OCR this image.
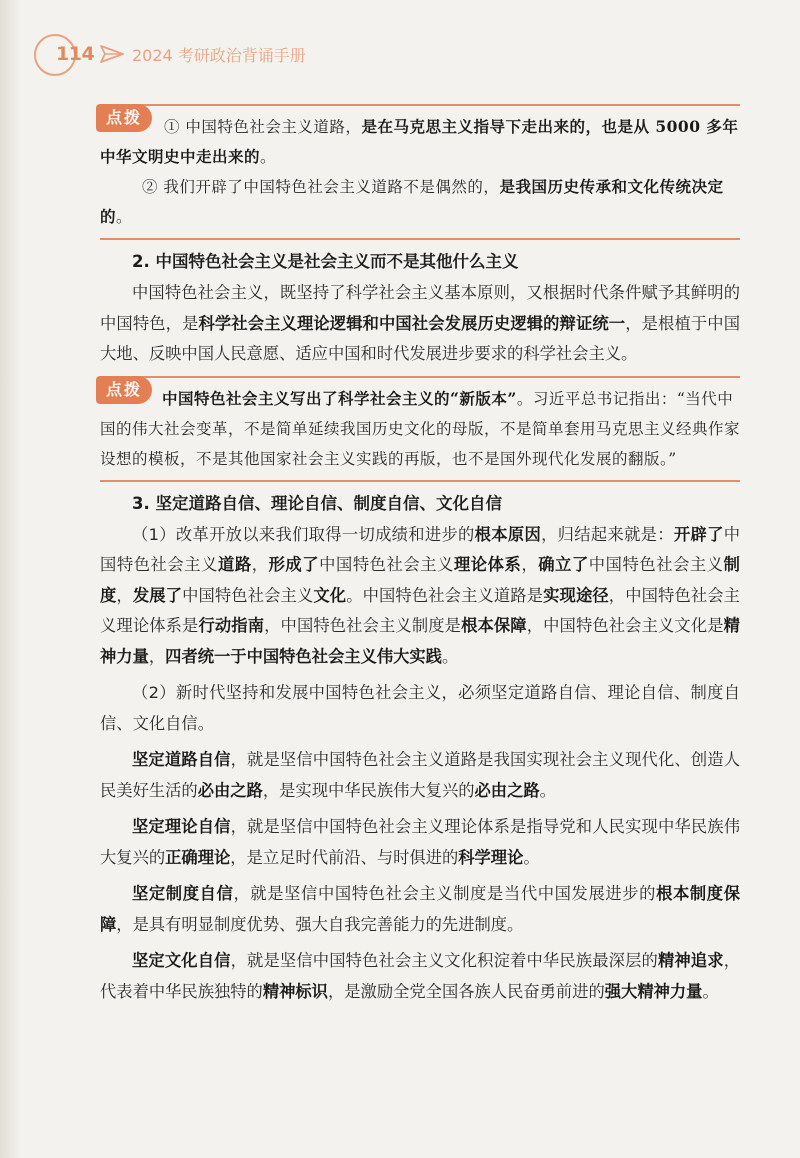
114 2024 考研政治背诵手册
点拨	① 中国特色社会主义道路，是在马克思主义指导下走出来的，也是从 5000 多年中华文明史中走出来的。

② 我们开辟了中国特色社会主义道路不是偶然的，是我国历史传承和文化传统决定的。

2. 中国特色社会主义是社会主义而不是其他什么主义

中国特色社会主义，既坚持了科学社会主义基本原则，又根据时代条件赋予其鲜明的中国特色，是科学社会主义理论逻辑和中国社会发展历史逻辑的辩证统一，是根植于中国大地、反映中国人民意愿、适应中国和时代发展进步要求的科学社会主义。

点拨	中国特色社会主义写出了科学社会主义的“新版本”。习近平总书记指出：“当代中国的伟大社会变革，不是简单延续我国历史文化的母版，不是简单套用马克思主义经典作家设想的模板，不是其他国家社会主义实践的再版，也不是国外现代化发展的翻版。”

3. 坚定道路自信、理论自信、制度自信、文化自信

（1）改革开放以来我们取得一切成绩和进步的根本原因，归结起来就是：开辟了中国特色社会主义道路，形成了中国特色社会主义理论体系，确立了中国特色社会主义制度，发展了中国特色社会主义文化。中国特色社会主义道路是实现途径，中国特色社会主义理论体系是行动指南，中国特色社会主义制度是根本保障，中国特色社会主义文化是精神力量，四者统一于中国特色社会主义伟大实践。

（2）新时代坚持和发展中国特色社会主义，必须坚定道路自信、理论自信、制度自信、文化自信。

坚定道路自信，就是坚信中国特色社会主义道路是我国实现社会主义现代化、创造人民美好生活的必由之路，是实现中华民族伟大复兴的必由之路。

坚定理论自信，就是坚信中国特色社会主义理论体系是指导党和人民实现中华民族伟大复兴的正确理论，是立足时代前沿、与时俱进的科学理论。

坚定制度自信，就是坚信中国特色社会主义制度是当代中国发展进步的根本制度保障，是具有明显制度优势、强大自我完善能力的先进制度。

坚定文化自信，就是坚信中国特色社会主义文化积淀着中华民族最深层的精神追求，代表着中华民族独特的精神标识，是激励全党全国各族人民奋勇前进的强大精神力量。
